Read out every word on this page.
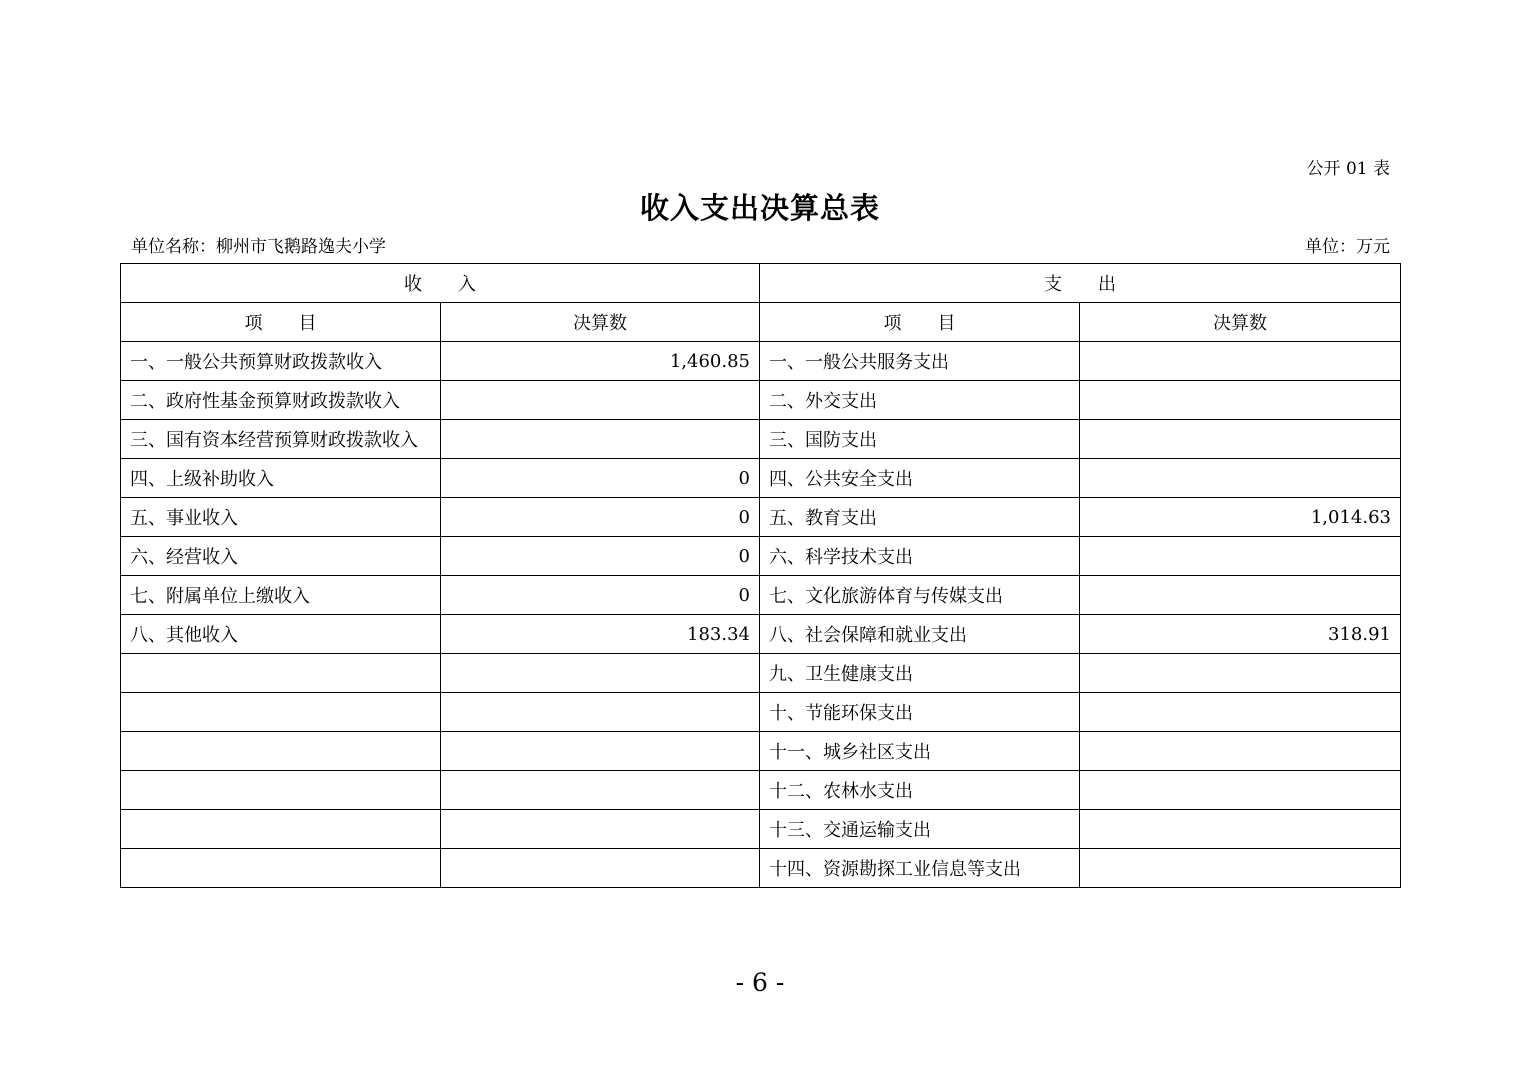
公开 01 表
收入支出决算总表
单位名称：柳州市飞鹅路逸夫小学	单位：万元
收　　入		支　　出	
项　　目	决算数	项　　目	决算数
一、一般公共预算财政拨款收入	1,460.85	一、一般公共服务支出	
二、政府性基金预算财政拨款收入		二、外交支出	
三、国有资本经营预算财政拨款收入		三、国防支出	
四、上级补助收入	0	四、公共安全支出	
五、事业收入	0	五、教育支出	1,014.63
六、经营收入	0	六、科学技术支出	
七、附属单位上缴收入	0	七、文化旅游体育与传媒支出	
八、其他收入	183.34	八、社会保障和就业支出	318.91
		九、卫生健康支出	
		十、节能环保支出	
		十一、城乡社区支出	
		十二、农林水支出	
		十三、交通运输支出	
		十四、资源勘探工业信息等支出	
- 6 -
